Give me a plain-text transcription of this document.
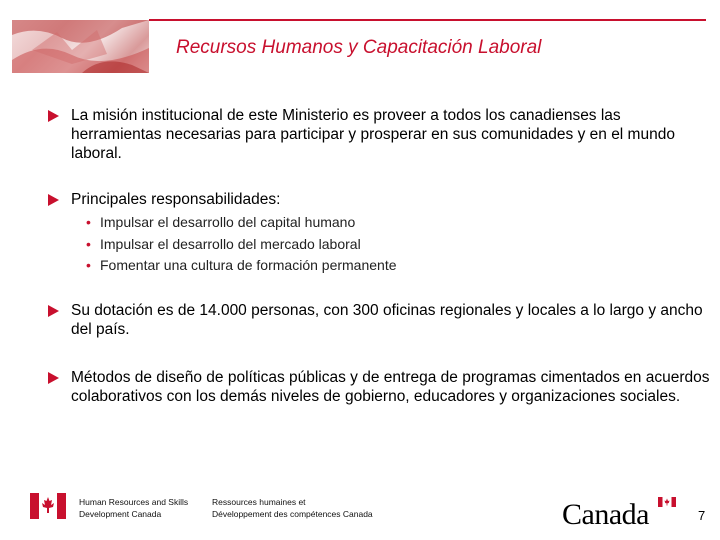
Recursos Humanos y Capacitación Laboral
La misión institucional de este Ministerio es proveer a todos los canadienses las herramientas necesarias para participar y prosperar en sus comunidades y en el mundo laboral.
Principales responsabilidades:
• Impulsar el desarrollo del capital humano
• Impulsar el desarrollo del mercado laboral
• Fomentar una cultura de formación permanente
Su dotación es de 14.000 personas, con 300 oficinas regionales y locales a lo largo y ancho del país.
Métodos de diseño de políticas públicas y de entrega de programas cimentados en acuerdos colaborativos con los demás niveles de gobierno, educadores y organizaciones sociales.
Human Resources and Skills
Development Canada
Ressources humaines et
Développement des compétences Canada	Canada	7
